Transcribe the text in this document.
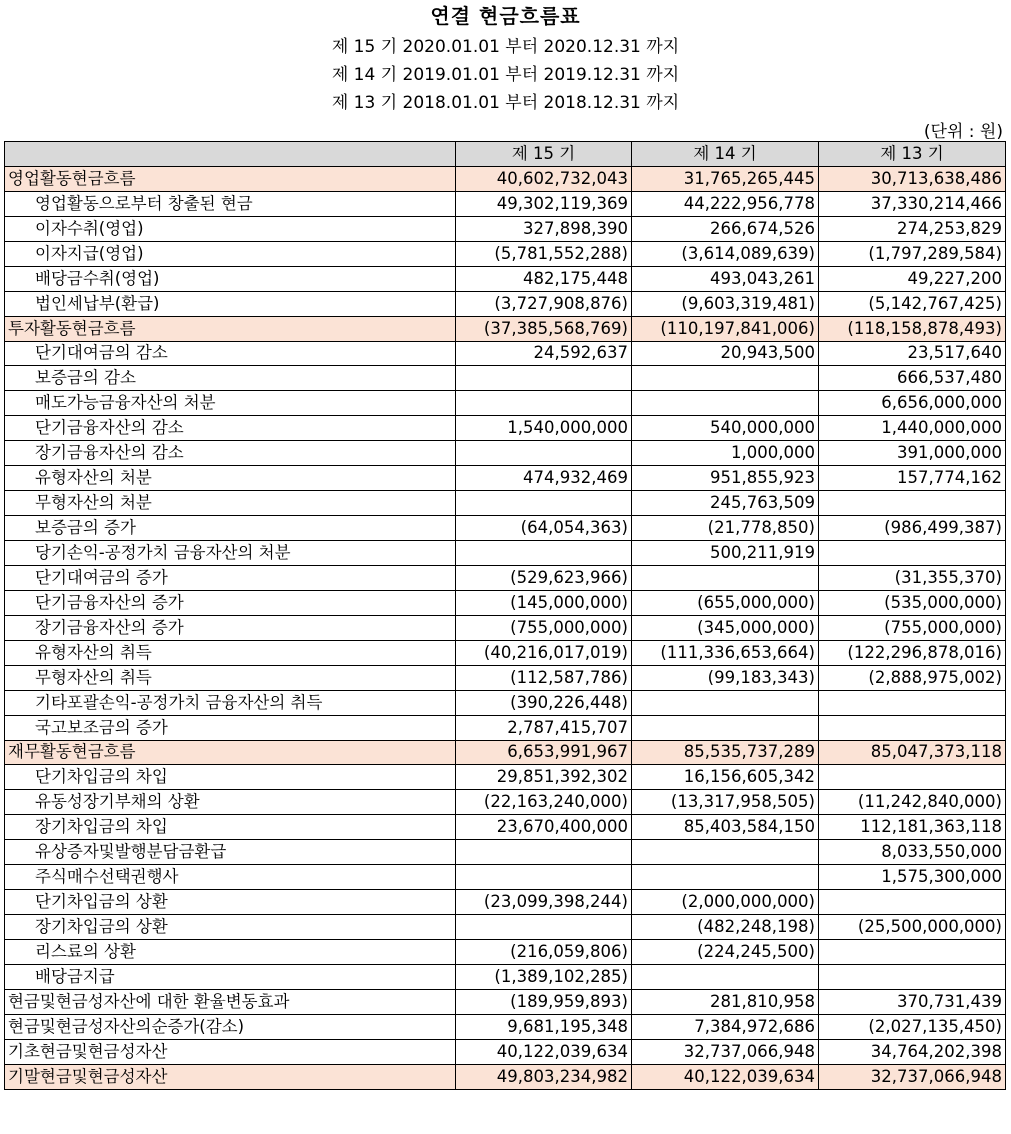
연결 현금흐름표
제 15 기 2020.01.01 부터 2020.12.31 까지
제 14 기 2019.01.01 부터 2019.12.31 까지
제 13 기 2018.01.01 부터 2018.12.31 까지
(단위 : 원)
	제 15 기	제 14 기	제 13 기
영업활동현금흐름	40,602,732,043	31,765,265,445	30,713,638,486
영업활동으로부터 창출된 현금	49,302,119,369	44,222,956,778	37,330,214,466
이자수취(영업)	327,898,390	266,674,526	274,253,829
이자지급(영업)	(5,781,552,288)	(3,614,089,639)	(1,797,289,584)
배당금수취(영업)	482,175,448	493,043,261	49,227,200
법인세납부(환급)	(3,727,908,876)	(9,603,319,481)	(5,142,767,425)
투자활동현금흐름	(37,385,568,769)	(110,197,841,006)	(118,158,878,493)
단기대여금의 감소	24,592,637	20,943,500	23,517,640
보증금의 감소			666,537,480
매도가능금융자산의 처분			6,656,000,000
단기금융자산의 감소	1,540,000,000	540,000,000	1,440,000,000
장기금융자산의 감소		1,000,000	391,000,000
유형자산의 처분	474,932,469	951,855,923	157,774,162
무형자산의 처분		245,763,509	
보증금의 증가	(64,054,363)	(21,778,850)	(986,499,387)
당기손익-공정가치 금융자산의 처분		500,211,919	
단기대여금의 증가	(529,623,966)		(31,355,370)
단기금융자산의 증가	(145,000,000)	(655,000,000)	(535,000,000)
장기금융자산의 증가	(755,000,000)	(345,000,000)	(755,000,000)
유형자산의 취득	(40,216,017,019)	(111,336,653,664)	(122,296,878,016)
무형자산의 취득	(112,587,786)	(99,183,343)	(2,888,975,002)
기타포괄손익-공정가치 금융자산의 취득	(390,226,448)		
국고보조금의 증가	2,787,415,707		
재무활동현금흐름	6,653,991,967	85,535,737,289	85,047,373,118
단기차입금의 차입	29,851,392,302	16,156,605,342	
유동성장기부채의 상환	(22,163,240,000)	(13,317,958,505)	(11,242,840,000)
장기차입금의 차입	23,670,400,000	85,403,584,150	112,181,363,118
유상증자및발행분담금환급			8,033,550,000
주식매수선택권행사			1,575,300,000
단기차입금의 상환	(23,099,398,244)	(2,000,000,000)	
장기차입금의 상환		(482,248,198)	(25,500,000,000)
리스료의 상환	(216,059,806)	(224,245,500)	
배당금지급	(1,389,102,285)		
현금및현금성자산에 대한 환율변동효과	(189,959,893)	281,810,958	370,731,439
현금및현금성자산의순증가(감소)	9,681,195,348	7,384,972,686	(2,027,135,450)
기초현금및현금성자산	40,122,039,634	32,737,066,948	34,764,202,398
기말현금및현금성자산	49,803,234,982	40,122,039,634	32,737,066,948
